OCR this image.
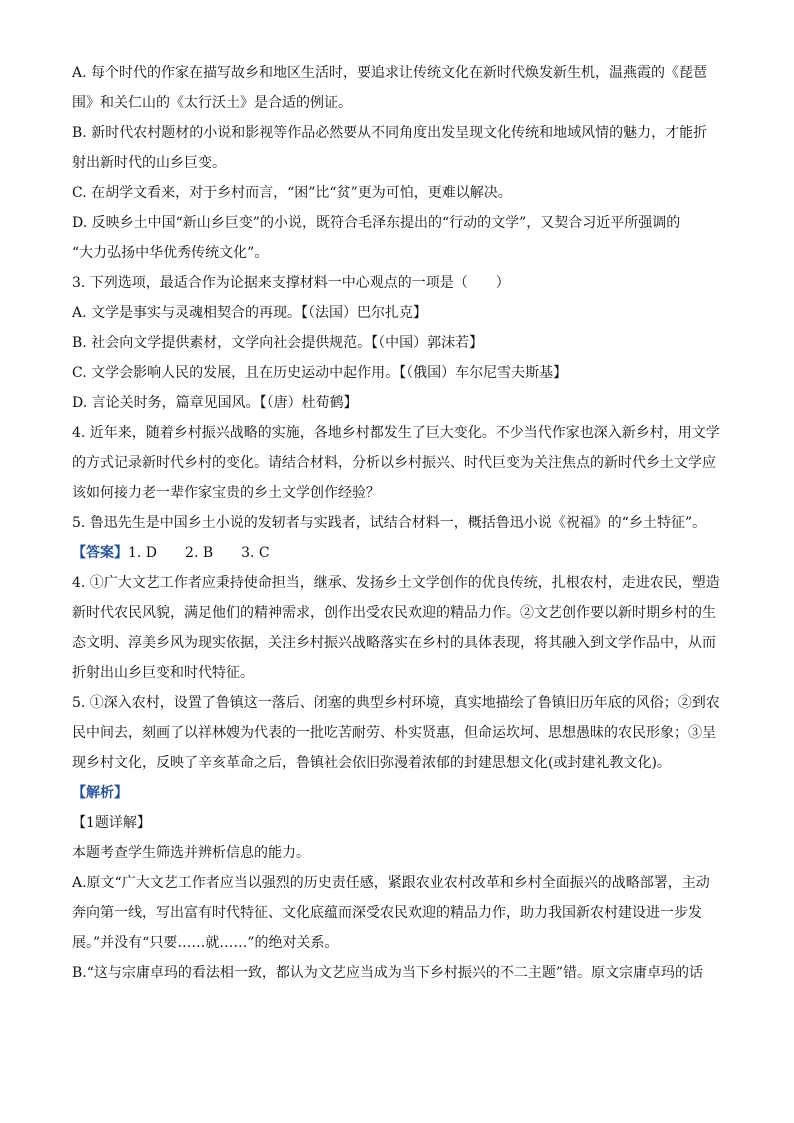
A. 每个时代的作家在描写故乡和地区生活时，要追求让传统文化在新时代焕发新生机，温燕霞的《琵琶

围》和关仁山的《太行沃土》是合适的例证。

B. 新时代农村题材的小说和影视等作品必然要从不同角度出发呈现文化传统和地域风情的魅力，才能折

射出新时代的山乡巨变。

C. 在胡学文看来，对于乡村而言，“困”比“贫”更为可怕，更难以解决。

D. 反映乡土中国“新山乡巨变”的小说，既符合毛泽东提出的“行动的文学”，又契合习近平所强调的

“大力弘扬中华优秀传统文化”。

3. 下列选项，最适合作为论据来支撑材料一中心观点的一项是（　　）

A. 文学是事实与灵魂相契合的再现。【（法国）巴尔扎克】

B. 社会向文学提供素材，文学向社会提供规范。【（中国）郭沫若】

C. 文学会影响人民的发展，且在历史运动中起作用。【（俄国）车尔尼雪夫斯基】

D. 言论关时务，篇章见国风。【（唐）杜荀鹤】

4. 近年来，随着乡村振兴战略的实施，各地乡村都发生了巨大变化。不少当代作家也深入新乡村，用文学

的方式记录新时代乡村的变化。请结合材料，分析以乡村振兴、时代巨变为关注焦点的新时代乡土文学应

该如何接力老一辈作家宝贵的乡土文学创作经验？

5. 鲁迅先生是中国乡土小说的发轫者与实践者，试结合材料一，概括鲁迅小说《祝福》的“乡土特征”。

【答案】1. D　　2. B　　3. C

4. ①广大文艺工作者应秉持使命担当，继承、发扬乡土文学创作的优良传统，扎根农村，走进农民，塑造

新时代农民风貌，满足他们的精神需求，创作出受农民欢迎的精品力作。②文艺创作要以新时期乡村的生

态文明、淳美乡风为现实依据，关注乡村振兴战略落实在乡村的具体表现，将其融入到文学作品中，从而

折射出山乡巨变和时代特征。

5. ①深入农村，设置了鲁镇这一落后、闭塞的典型乡村环境，真实地描绘了鲁镇旧历年底的风俗；②到农

民中间去，刻画了以祥林嫂为代表的一批吃苦耐劳、朴实贤惠，但命运坎坷、思想愚昧的农民形象；③呈

现乡村文化，反映了辛亥革命之后，鲁镇社会依旧弥漫着浓郁的封建思想文化(或封建礼教文化)。

【解析】

【1题详解】

本题考查学生筛选并辨析信息的能力。

A.原文“广大文艺工作者应当以强烈的历史责任感，紧跟农业农村改革和乡村全面振兴的战略部署，主动

奔向第一线，写出富有时代特征、文化底蕴而深受农民欢迎的精品力作，助力我国新农村建设进一步发

展。”并没有“只要……就……”的绝对关系。

B.“这与宗庸卓玛的看法相一致，都认为文艺应当成为当下乡村振兴的不二主题”错。原文宗庸卓玛的话
